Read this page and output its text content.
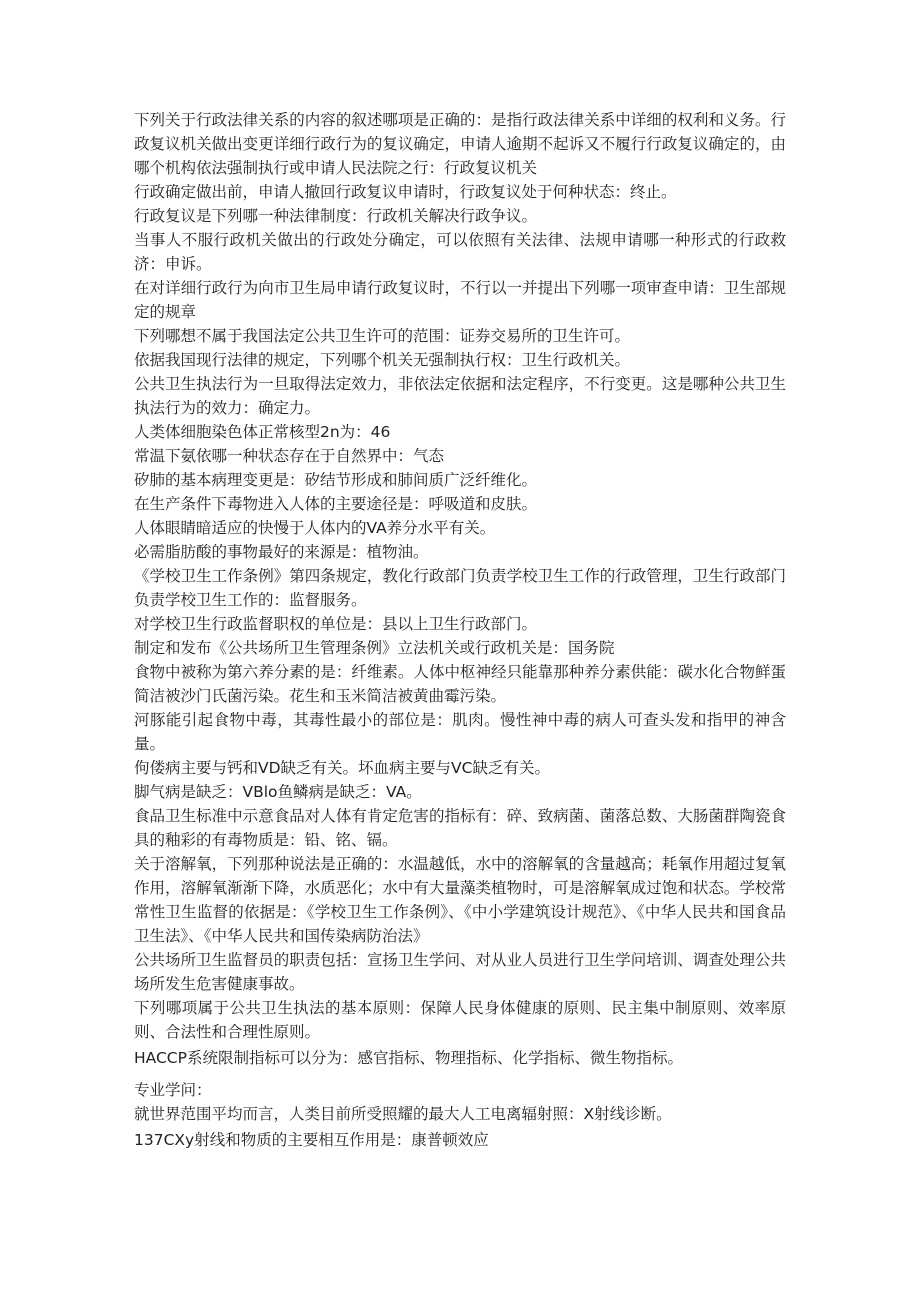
下列关于行政法律关系的内容的叙述哪项是正确的：是指行政法律关系中详细的权利和义务。行政复议机关做出变更详细行政行为的复议确定，申请人逾期不起诉又不履行行政复议确定的，由哪个机构依法强制执行或申请人民法院之行：行政复议机关

行政确定做出前，申请人撤回行政复议申请时，行政复议处于何种状态：终止。

行政复议是下列哪一种法律制度：行政机关解决行政争议。

当事人不服行政机关做出的行政处分确定，可以依照有关法律、法规申请哪一种形式的行政救济：申诉。

在对详细行政行为向市卫生局申请行政复议时，不行以一并提出下列哪一项审查申请：卫生部规定的规章

下列哪想不属于我国法定公共卫生许可的范围：证券交易所的卫生许可。

依据我国现行法律的规定，下列哪个机关无强制执行权：卫生行政机关。

公共卫生执法行为一旦取得法定效力，非依法定依据和法定程序，不行变更。这是哪种公共卫生执法行为的效力：确定力。

人类体细胞染色体正常核型2n为：46

常温下氨依哪一种状态存在于自然界中：气态

矽肺的基本病理变更是：矽结节形成和肺间质广泛纤维化。

在生产条件下毒物进入人体的主要途径是：呼吸道和皮肤。

人体眼睛暗适应的快慢于人体内的VA养分水平有关。

必需脂肪酸的事物最好的来源是：植物油。

《学校卫生工作条例》第四条规定，教化行政部门负责学校卫生工作的行政管理，卫生行政部门负责学校卫生工作的：监督服务。

对学校卫生行政监督职权的单位是：县以上卫生行政部门。

制定和发布《公共场所卫生管理条例》立法机关或行政机关是：国务院

食物中被称为第六养分素的是：纤维素。人体中枢神经只能靠那种养分素供能：碳水化合物鲜蛋简洁被沙门氏菌污染。花生和玉米简洁被黄曲霉污染。

河豚能引起食物中毒，其毒性最小的部位是：肌肉。慢性神中毒的病人可查头发和指甲的神含量。

佝偻病主要与钙和VD缺乏有关。坏血病主要与VC缺乏有关。

脚气病是缺乏：VBlo鱼鳞病是缺乏：VA。

食品卫生标准中示意食品对人体有肯定危害的指标有：碎、致病菌、菌落总数、大肠菌群陶瓷食具的釉彩的有毒物质是：铅、铭、镉。

关于溶解氧，下列那种说法是正确的：水温越低，水中的溶解氧的含量越高；耗氧作用超过复氧作用，溶解氧渐渐下降，水质恶化；水中有大量藻类植物时，可是溶解氧成过饱和状态。学校常常性卫生监督的依据是：《学校卫生工作条例》、《中小学建筑设计规范》、《中华人民共和国食品卫生法》、《中华人民共和国传染病防治法》

公共场所卫生监督员的职责包括：宣扬卫生学问、对从业人员进行卫生学问培训、调查处理公共场所发生危害健康事故。

下列哪项属于公共卫生执法的基本原则：保障人民身体健康的原则、民主集中制原则、效率原则、合法性和合理性原则。

HACCP系统限制指标可以分为：感官指标、物理指标、化学指标、微生物指标。

专业学问：

就世界范围平均而言，人类目前所受照耀的最大人工电离辐射照：X射线诊断。

137CXy射线和物质的主要相互作用是：康普顿效应
